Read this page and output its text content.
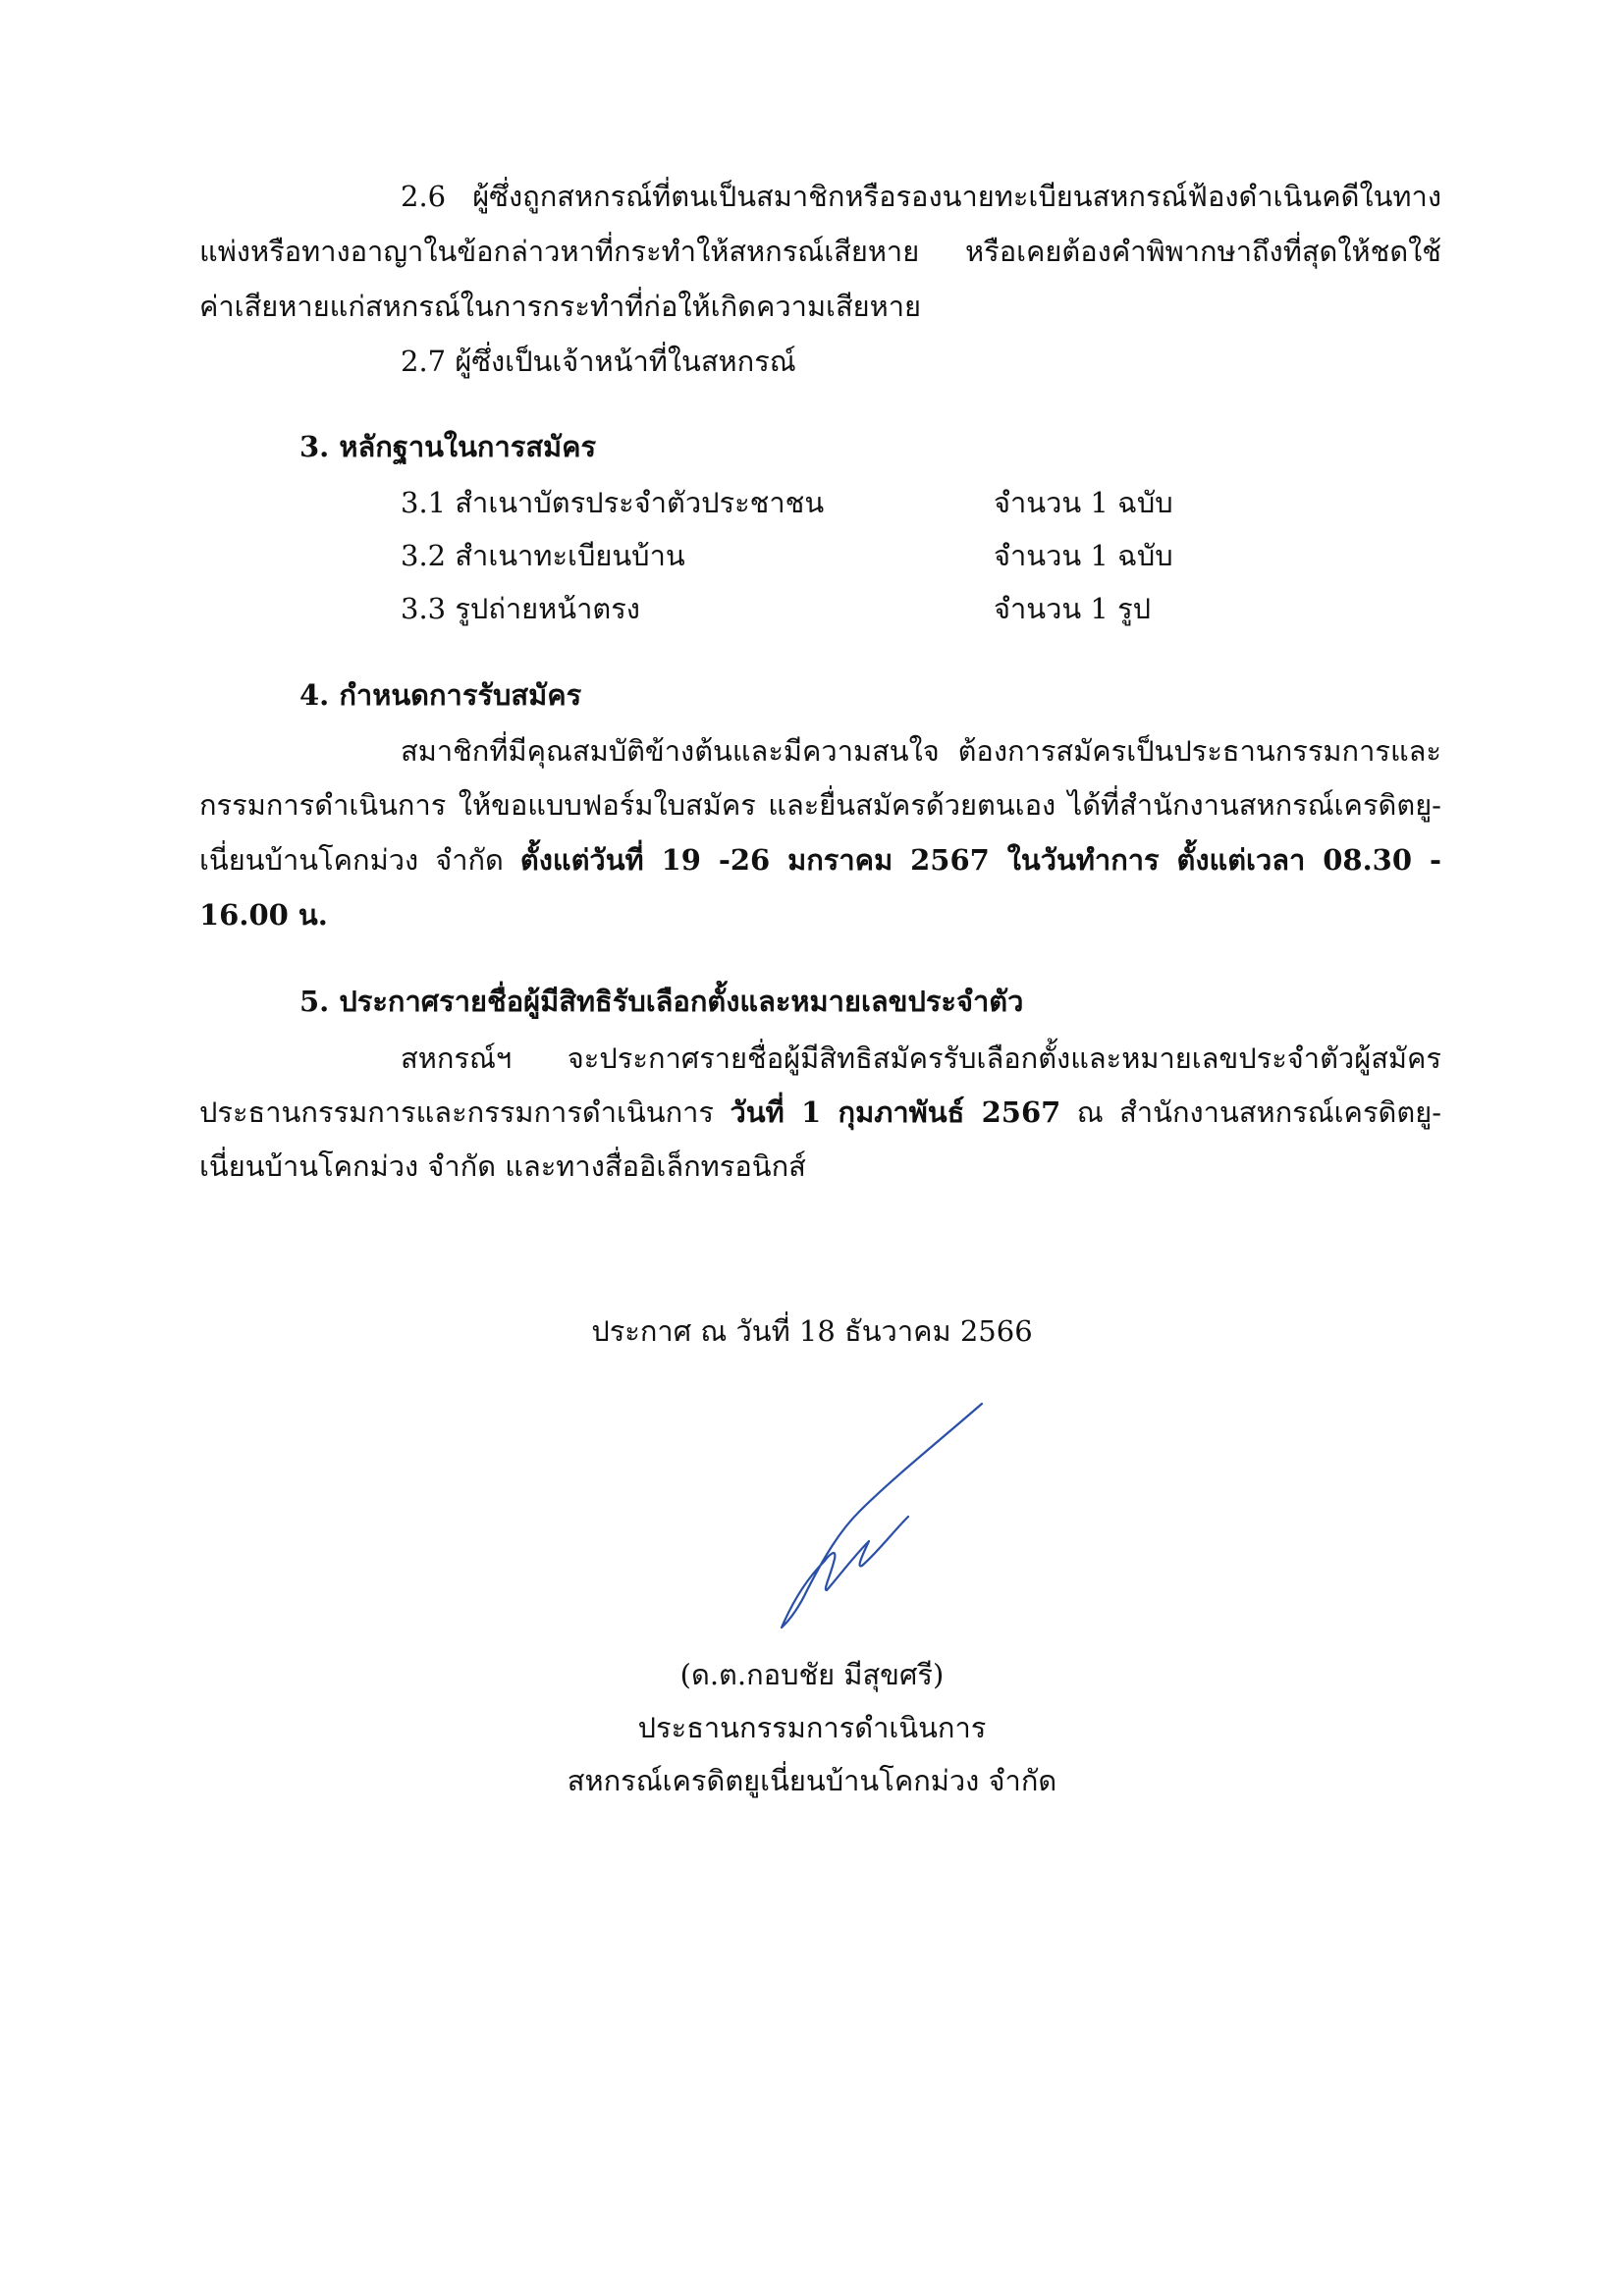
2.6 ผู้ซึ่งถูกสหกรณ์ที่ตนเป็นสมาชิกหรือรองนายทะเบียนสหกรณ์ฟ้องดำเนินคดีในทาง
แพ่งหรือทางอาญาในข้อกล่าวหาที่กระทำให้สหกรณ์เสียหาย หรือเคยต้องคำพิพากษาถึงที่สุดให้ชดใช้
ค่าเสียหายแก่สหกรณ์ในการกระทำที่ก่อให้เกิดความเสียหาย
2.7 ผู้ซึ่งเป็นเจ้าหน้าที่ในสหกรณ์
3. หลักฐานในการสมัคร
3.1 สำเนาบัตรประจำตัวประชาชน	จำนวน 1 ฉบับ
3.2 สำเนาทะเบียนบ้าน	จำนวน 1 ฉบับ
3.3 รูปถ่ายหน้าตรง	จำนวน 1 รูป
4. กำหนดการรับสมัคร
สมาชิกที่มีคุณสมบัติข้างต้นและมีความสนใจ ต้องการสมัครเป็นประธานกรรมการและ
กรรมการดำเนินการ ให้ขอแบบฟอร์มใบสมัคร และยื่นสมัครด้วยตนเอง ได้ที่สำนักงานสหกรณ์เครดิตยู-
เนี่ยนบ้านโคกม่วง จำกัด ตั้งแต่วันที่ 19 -26 มกราคม 2567 ในวันทำการ ตั้งแต่เวลา 08.30 -
16.00 น.
5. ประกาศรายชื่อผู้มีสิทธิรับเลือกตั้งและหมายเลขประจำตัว
สหกรณ์ฯ จะประกาศรายชื่อผู้มีสิทธิสมัครรับเลือกตั้งและหมายเลขประจำตัวผู้สมัคร
ประธานกรรมการและกรรมการดำเนินการ วันที่ 1 กุมภาพันธ์ 2567 ณ สำนักงานสหกรณ์เครดิตยู-
เนี่ยนบ้านโคกม่วง จำกัด และทางสื่ออิเล็กทรอนิกส์
ประกาศ ณ วันที่ 18 ธันวาคม 2566
(ด.ต.กอบชัย มีสุขศรี)
ประธานกรรมการดำเนินการ
สหกรณ์เครดิตยูเนี่ยนบ้านโคกม่วง จำกัด
